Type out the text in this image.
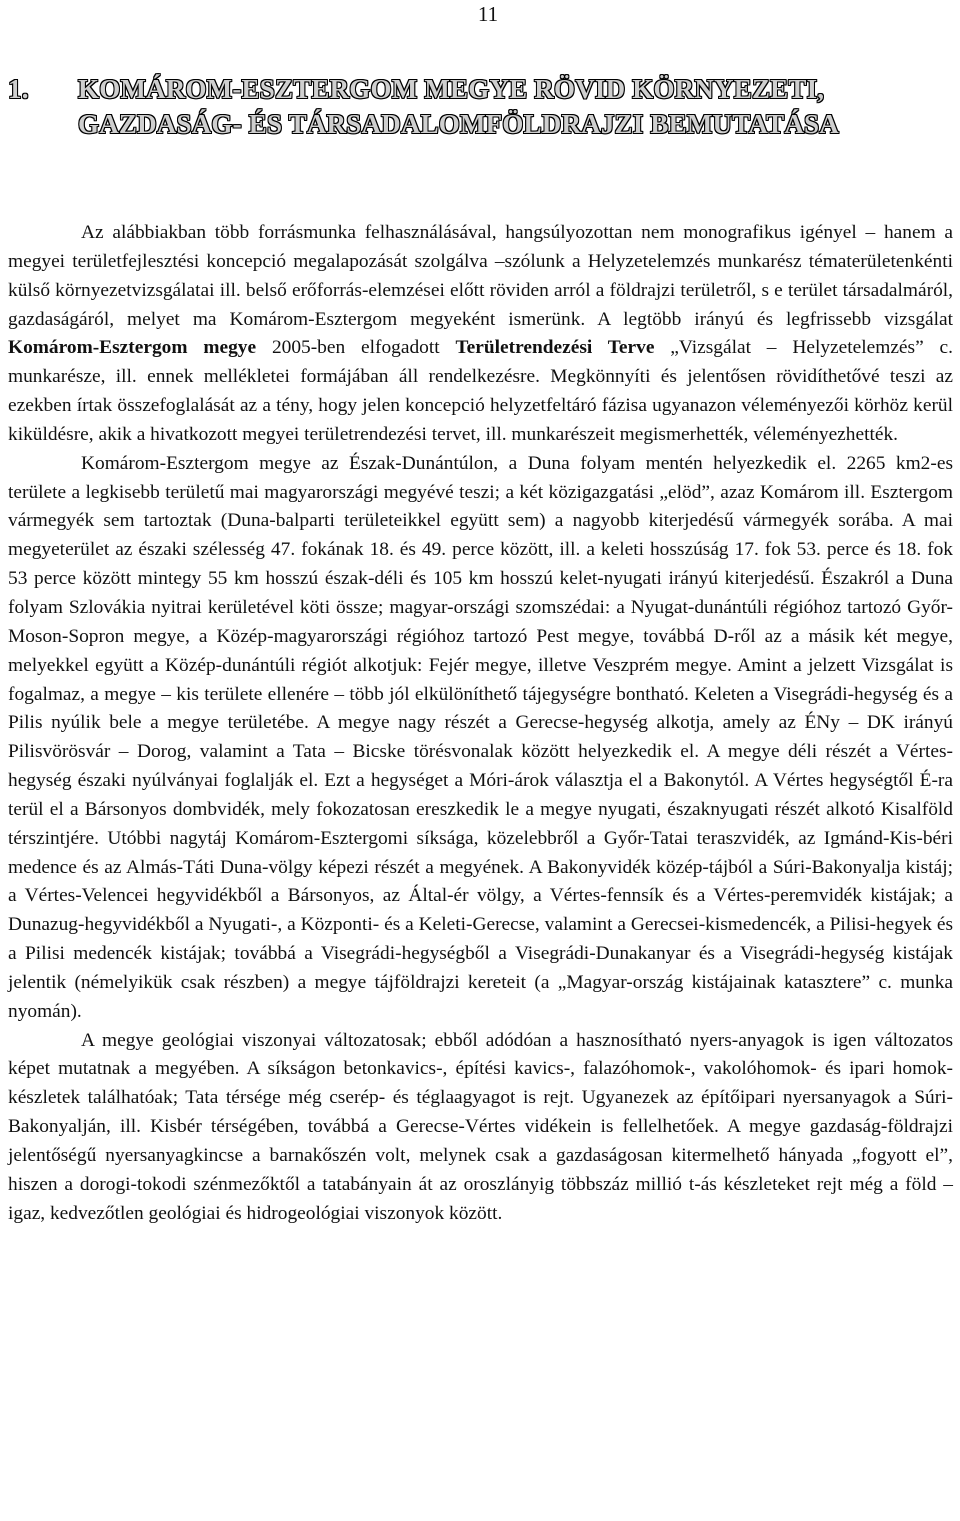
11
1. KOMÁROM-ESZTERGOM MEGYE RÖVID KÖRNYEZETI,
GAZDASÁG- ÉS TÁRSADALOMFÖLDRAJZI BEMUTATÁSA

Az alábbiakban több forrásmunka felhasználásával, hangsúlyozottan nem monografikus igényel – hanem a megyei területfejlesztési koncepció megalapozását szolgálva –szólunk a Helyzetelemzés munkarész tématerületenkénti külső környezetvizsgálatai ill. belső erőforrás-elemzései előtt röviden arról a földrajzi területről, s e terület társadalmáról, gazdaságáról, melyet ma Komárom-Esztergom megyeként ismerünk. A legtöbb irányú és legfrissebb vizsgálat Komárom-Esztergom megye 2005-ben elfogadott Területrendezési Terve „Vizsgálat – Helyzetelemzés” c. munkarésze, ill. ennek mellékletei formájában áll rendelkezésre. Megkönnyíti és jelentősen rövidíthetővé teszi az ezekben írtak összefoglalását az a tény, hogy jelen koncepció helyzetfeltáró fázisa ugyanazon véleményezői körhöz kerül kiküldésre, akik a hivatkozott megyei területrendezési tervet, ill. munkarészeit megismerhették, véleményezhették.

Komárom-Esztergom megye az Észak-Dunántúlon, a Duna folyam mentén helyezkedik el. 2265 km2-es területe a legkisebb területű mai magyarországi megyévé teszi; a két közigazgatási „elöd”, azaz Komárom ill. Esztergom vármegyék sem tartoztak (Duna-balparti területeikkel együtt sem) a nagyobb kiterjedésű vármegyék sorába. A mai megyeterület az északi szélesség 47. fokának 18. és 49. perce között, ill. a keleti hosszúság 17. fok 53. perce és 18. fok 53 perce között mintegy 55 km hosszú észak-déli és 105 km hosszú kelet-nyugati irányú kiterjedésű. Északról a Duna folyam Szlovákia nyitrai kerületével köti össze; magyar-országi szomszédai: a Nyugat-dunántúli régióhoz tartozó Győr-Moson-Sopron megye, a Közép-magyarországi régióhoz tartozó Pest megye, továbbá D-ről az a másik két megye, melyekkel együtt a Közép-dunántúli régiót alkotjuk: Fejér megye, illetve Veszprém megye. Amint a jelzett Vizsgálat is fogalmaz, a megye – kis területe ellenére – több jól elkülöníthető tájegységre bontható. Keleten a Visegrádi-hegység és a Pilis nyúlik bele a megye területébe. A megye nagy részét a Gerecse-hegység alkotja, amely az ÉNy – DK irányú Pilisvörösvár – Dorog, valamint a Tata – Bicske törésvonalak között helyezkedik el. A megye déli részét a Vértes-hegység északi nyúlványai foglalják el. Ezt a hegységet a Móri-árok választja el a Bakonytól. A Vértes hegységtől É-ra terül el a Bársonyos dombvidék, mely fokozatosan ereszkedik le a megye nyugati, északnyugati részét alkotó Kisalföld térszintjére. Utóbbi nagytáj Komárom-Esztergomi síksága, közelebbről a Győr-Tatai teraszvidék, az Igmánd-Kis-béri medence és az Almás-Táti Duna-völgy képezi részét a megyének. A Bakonyvidék közép-tájból a Súri-Bakonyalja kistáj; a Vértes-Velencei hegyvidékből a Bársonyos, az Által-ér völgy, a Vértes-fennsík és a Vértes-peremvidék kistájak; a Dunazug-hegyvidékből a Nyugati-, a Központi- és a Keleti-Gerecse, valamint a Gerecsei-kismedencék, a Pilisi-hegyek és a Pilisi medencék kistájak; továbbá a Visegrádi-hegységből a Visegrádi-Dunakanyar és a Visegrádi-hegység kistájak jelentik (némelyikük csak részben) a megye tájföldrajzi kereteit (a „Magyar-ország kistájainak katasztere” c. munka nyomán).

A megye geológiai viszonyai változatosak; ebből adódóan a hasznosítható nyers-anyagok is igen változatos képet mutatnak a megyében. A síkságon betonkavics-, építési kavics-, falazóhomok-, vakolóhomok- és ipari homok-készletek találhatóak; Tata térsége még cserép- és téglaagyagot is rejt. Ugyanezek az építőipari nyersanyagok a Súri-Bakonyalján, ill. Kisbér térségében, továbbá a Gerecse-Vértes vidékein is fellelhetőek. A megye gazdaság-földrajzi jelentőségű nyersanyagkincse a barnakőszén volt, melynek csak a gazdaságosan kitermelhető hányada „fogyott el”, hiszen a dorogi-tokodi szénmezőktől a tatabányain át az oroszlányig többszáz millió t-ás készleteket rejt még a föld – igaz, kedvezőtlen geológiai és hidrogeológiai viszonyok között.
